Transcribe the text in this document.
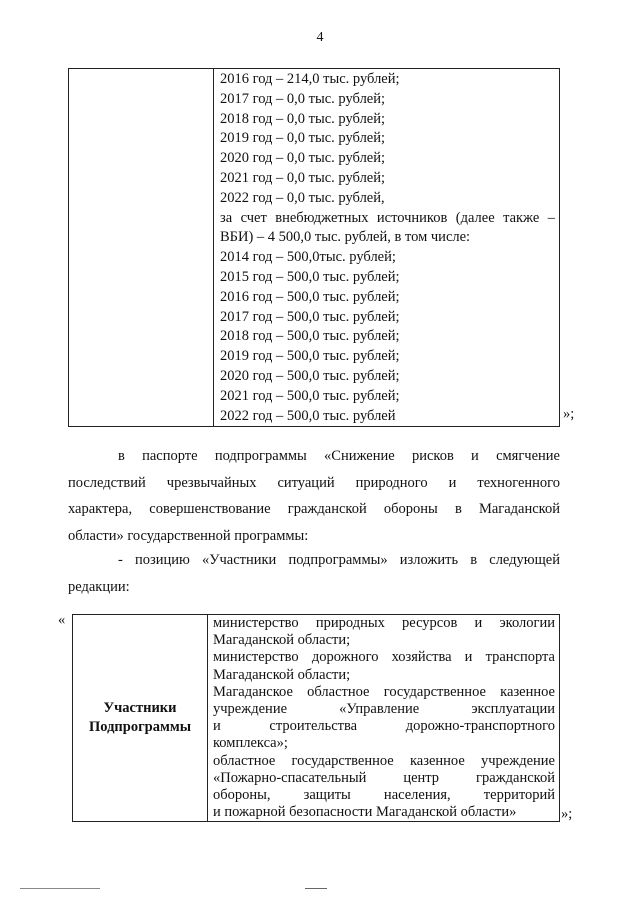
4

2016 год – 214,0 тыс. рублей;
2017 год – 0,0 тыс. рублей;
2018 год – 0,0 тыс. рублей;
2019 год – 0,0 тыс. рублей;
2020 год – 0,0 тыс. рублей;
2021 год – 0,0 тыс. рублей;
2022 год – 0,0 тыс. рублей,
за счет внебюджетных источников (далее также –
ВБИ) – 4 500,0 тыс. рублей, в том числе:
2014 год – 500,0тыс. рублей;
2015 год – 500,0 тыс. рублей;
2016 год – 500,0 тыс. рублей;
2017 год – 500,0 тыс. рублей;
2018 год – 500,0 тыс. рублей;
2019 год – 500,0 тыс. рублей;
2020 год – 500,0 тыс. рублей;
2021 год – 500,0 тыс. рублей;
2022 год – 500,0 тыс. рублей	»;
в паспорте подпрограммы «Снижение рисков и смягчение
последствий чрезвычайных ситуаций природного и техногенного
характера, совершенствование гражданской обороны в Магаданской
области» государственной программы:
- позицию «Участники подпрограммы» изложить в следующей
редакции:
«
Участники
Подпрограммы

министерство природных ресурсов и экологии
Магаданской области;
министерство дорожного хозяйства и транспорта
Магаданской области;
Магаданское областное государственное казенное
учреждение «Управление эксплуатации
и строительства дорожно-транспортного
комплекса»;
областное государственное казенное учреждение
«Пожарно-спасательный центр гражданской
обороны, защиты населения, территорий
и пожарной безопасности Магаданской области»	»;
